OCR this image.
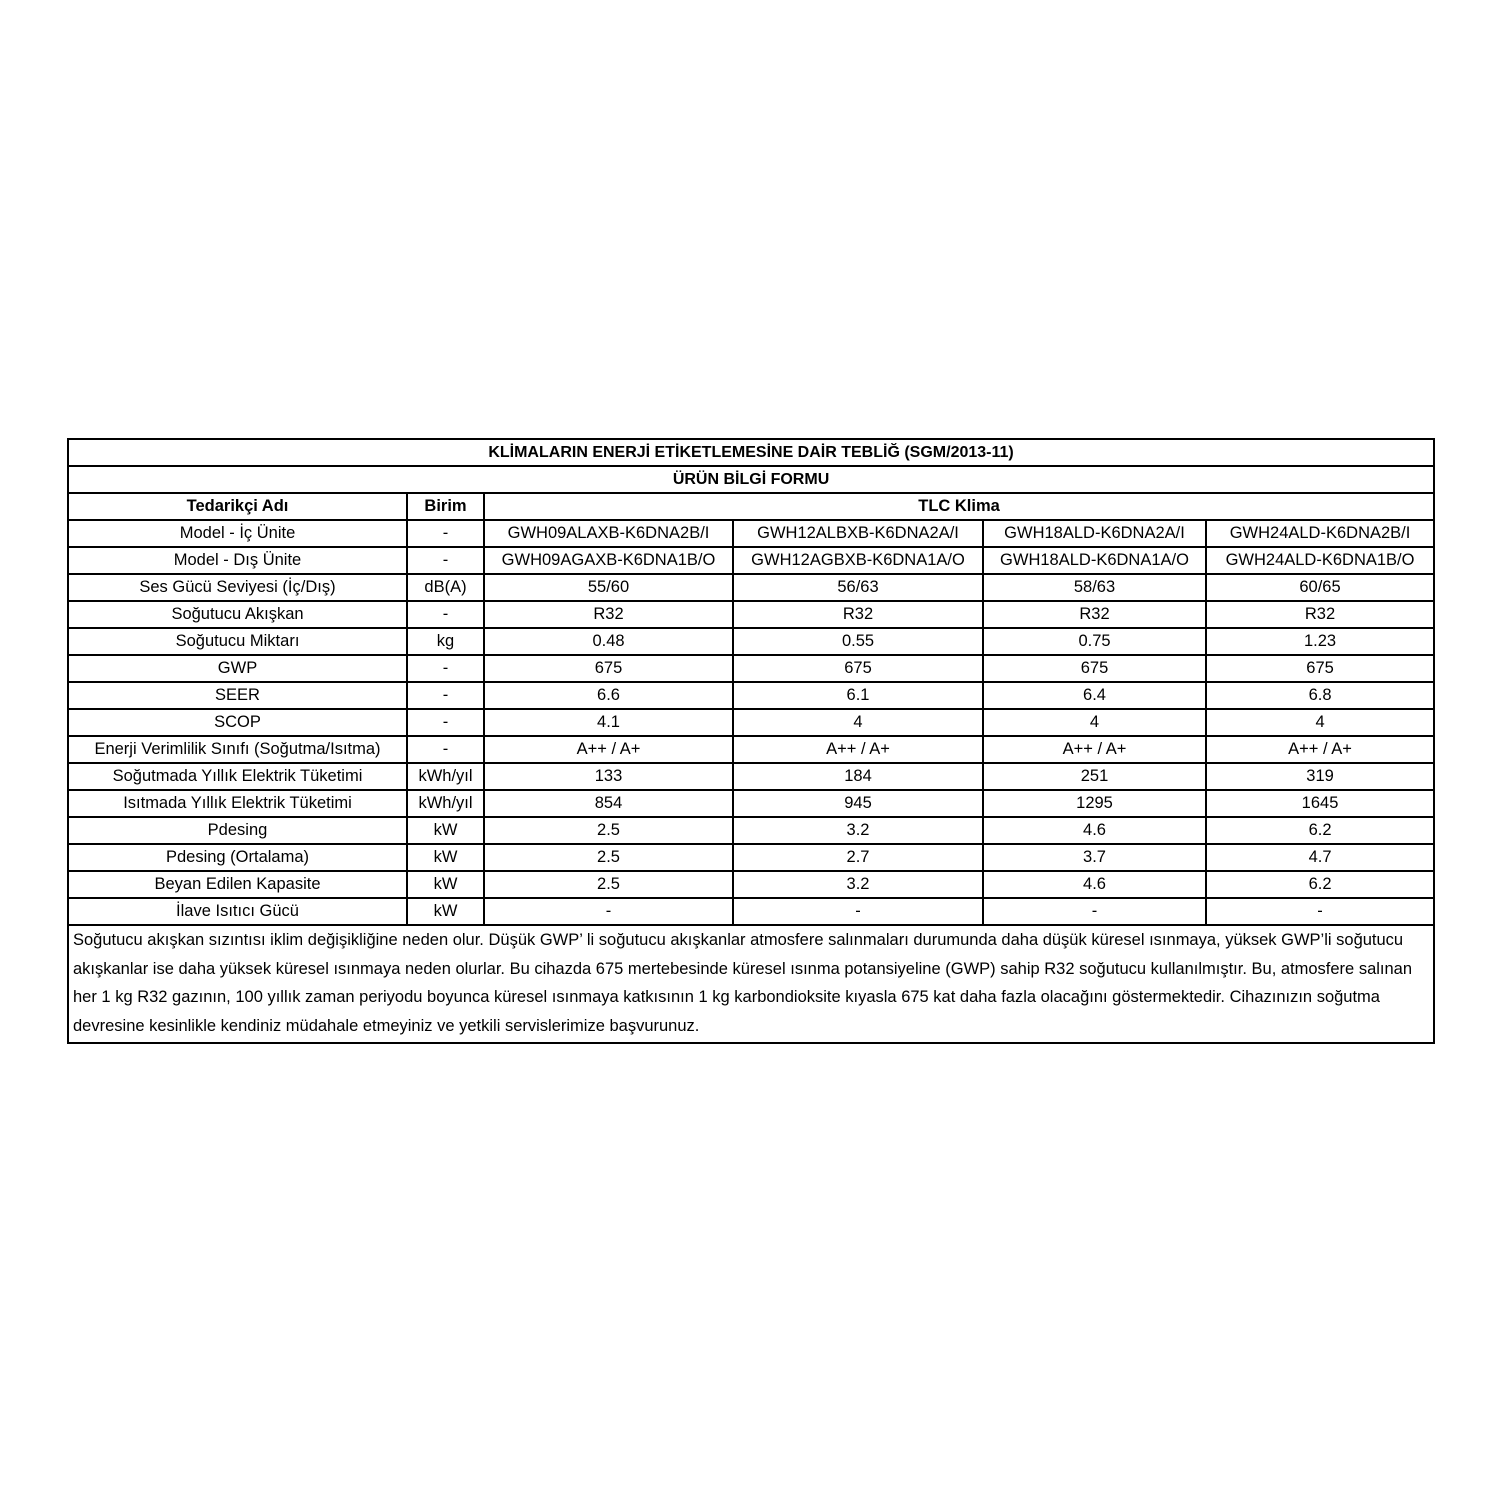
KLİMALARIN ENERJİ ETİKETLEMESİNE DAİR TEBLİĞ (SGM/2013-11)					
ÜRÜN BİLGİ FORMU					
Tedarikçi Adı	Birim	TLC Klima			
Model - İç Ünite	-	GWH09ALAXB-K6DNA2B/I	GWH12ALBXB-K6DNA2A/I	GWH18ALD-K6DNA2A/I	GWH24ALD-K6DNA2B/I
Model - Dış Ünite	-	GWH09AGAXB-K6DNA1B/O	GWH12AGBXB-K6DNA1A/O	GWH18ALD-K6DNA1A/O	GWH24ALD-K6DNA1B/O
Ses Gücü Seviyesi (İç/Dış)	dB(A)	55/60	56/63	58/63	60/65
Soğutucu Akışkan	-	R32	R32	R32	R32
Soğutucu Miktarı	kg	0.48	0.55	0.75	1.23
GWP	-	675	675	675	675
SEER	-	6.6	6.1	6.4	6.8
SCOP	-	4.1	4	4	4
Enerji Verimlilik Sınıfı (Soğutma/Isıtma)	-	A++ / A+	A++ / A+	A++ / A+	A++ / A+
Soğutmada Yıllık Elektrik Tüketimi	kWh/yıl	133	184	251	319
Isıtmada Yıllık Elektrik Tüketimi	kWh/yıl	854	945	1295	1645
Pdesing	kW	2.5	3.2	4.6	6.2
Pdesing (Ortalama)	kW	2.5	2.7	3.7	4.7
Beyan Edilen Kapasite	kW	2.5	3.2	4.6	6.2
İlave Isıtıcı Gücü	kW	-	-	-	-
Soğutucu akışkan sızıntısı iklim değişikliğine neden olur. Düşük GWP’ li soğutucu akışkanlar atmosfere salınmaları durumunda daha düşük küresel ısınmaya, yüksek GWP’li soğutucu akışkanlar ise daha yüksek küresel ısınmaya neden olurlar. Bu cihazda 675 mertebesinde küresel ısınma potansiyeline (GWP) sahip R32 soğutucu kullanılmıştır. Bu, atmosfere salınan her 1 kg R32 gazının, 100 yıllık zaman periyodu boyunca küresel ısınmaya katkısının 1 kg karbondioksite kıyasla 675 kat daha fazla olacağını göstermektedir. Cihazınızın soğutma devresine kesinlikle kendiniz müdahale etmeyiniz ve yetkili servislerimize başvurunuz.					
